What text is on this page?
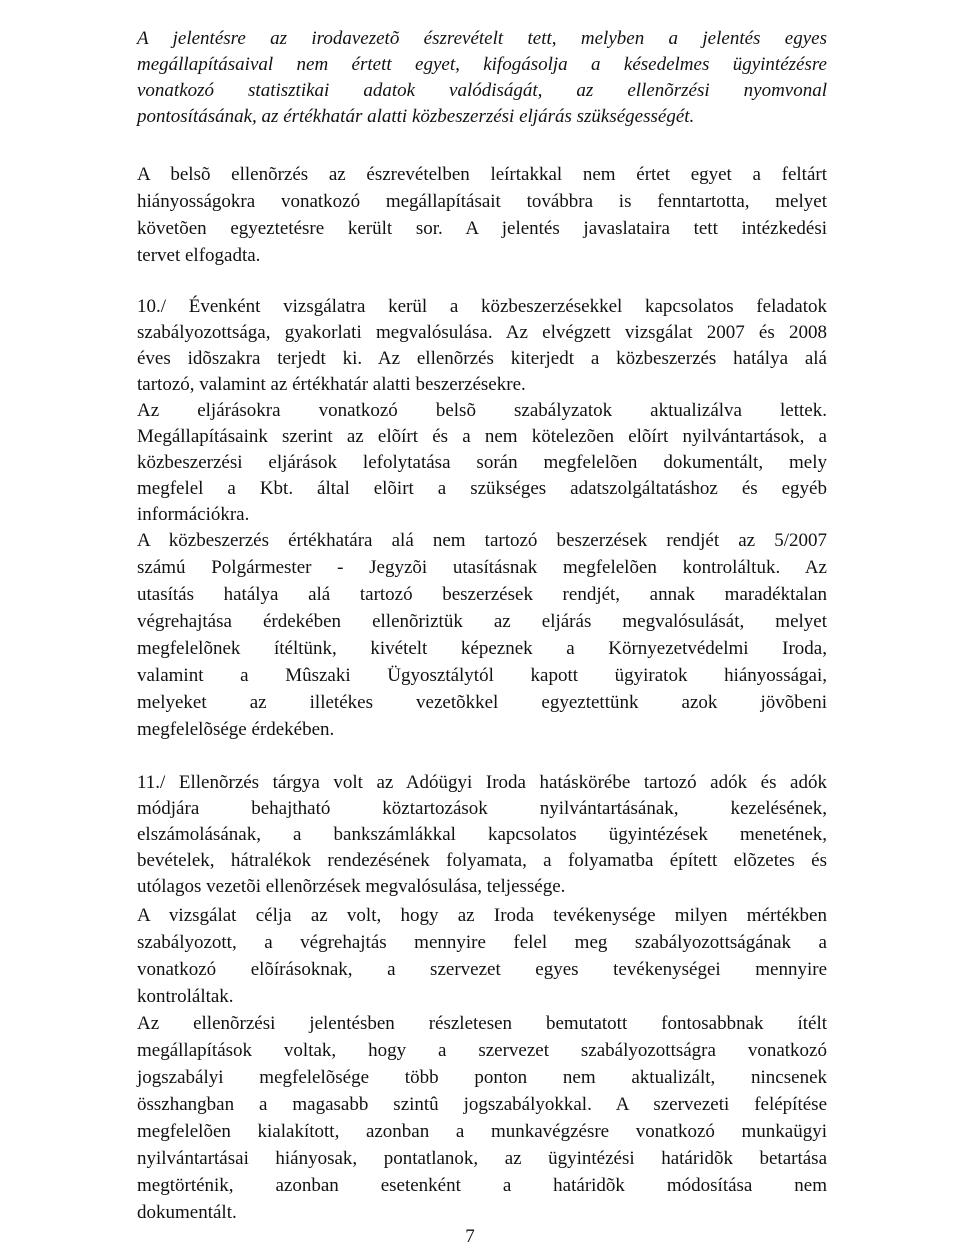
A jelentésre az irodavezetõ észrevételt tett, melyben a jelentés egyes
megállapításaival nem értett egyet, kifogásolja a késedelmes ügyintézésre
vonatkozó statisztikai adatok valódiságát, az ellenõrzési nyomvonal
pontosításának, az értékhatár alatti közbeszerzési eljárás szükségességét.
A belsõ ellenõrzés az észrevételben leírtakkal nem értet egyet a feltárt
hiányosságokra vonatkozó megállapításait továbbra is fenntartotta, melyet
követõen egyeztetésre került sor. A jelentés javaslataira tett intézkedési
tervet elfogadta.
10./ Évenként vizsgálatra kerül a közbeszerzésekkel kapcsolatos feladatok
szabályozottsága, gyakorlati megvalósulása. Az elvégzett vizsgálat 2007 és 2008
éves idõszakra terjedt ki. Az ellenõrzés kiterjedt a közbeszerzés hatálya alá
tartozó, valamint az értékhatár alatti beszerzésekre.
Az eljárásokra vonatkozó belsõ szabályzatok aktualizálva lettek.
Megállapításaink szerint az elõírt és a nem kötelezõen elõírt nyilvántartások, a
közbeszerzési eljárások lefolytatása során megfelelõen dokumentált, mely
megfelel a Kbt. által elõirt a szükséges adatszolgáltatáshoz és egyéb
információkra.
A közbeszerzés értékhatára alá nem tartozó beszerzések rendjét az 5/2007
számú Polgármester - Jegyzõi utasításnak megfelelõen kontroláltuk. Az
utasítás hatálya alá tartozó beszerzések rendjét, annak maradéktalan
végrehajtása érdekében ellenõriztük az eljárás megvalósulását, melyet
megfelelõnek ítéltünk, kivételt képeznek a Környezetvédelmi Iroda,
valamint a Mûszaki Ügyosztálytól kapott ügyiratok hiányosságai,
melyeket az illetékes vezetõkkel egyeztettünk azok jövõbeni
megfelelõsége érdekében.
11./ Ellenõrzés tárgya volt az Adóügyi Iroda hatáskörébe tartozó adók és adók
módjára behajtható köztartozások nyilvántartásának, kezelésének,
elszámolásának, a bankszámlákkal kapcsolatos ügyintézések menetének,
bevételek, hátralékok rendezésének folyamata, a folyamatba épített elõzetes és
utólagos vezetõi ellenõrzések megvalósulása, teljessége.
A vizsgálat célja az volt, hogy az Iroda tevékenysége milyen mértékben
szabályozott, a végrehajtás mennyire felel meg szabályozottságának a
vonatkozó elõírásoknak, a szervezet egyes tevékenységei mennyire
kontroláltak.
Az ellenõrzési jelentésben részletesen bemutatott fontosabbnak ítélt
megállapítások voltak, hogy a szervezet szabályozottságra vonatkozó
jogszabályi megfelelõsége több ponton nem aktualizált, nincsenek
összhangban a magasabb szintû jogszabályokkal. A szervezeti felépítése
megfelelõen kialakított, azonban a munkavégzésre vonatkozó munkaügyi
nyilvántartásai hiányosak, pontatlanok, az ügyintézési határidõk betartása
megtörténik, azonban esetenként a határidõk módosítása nem
dokumentált.
7
